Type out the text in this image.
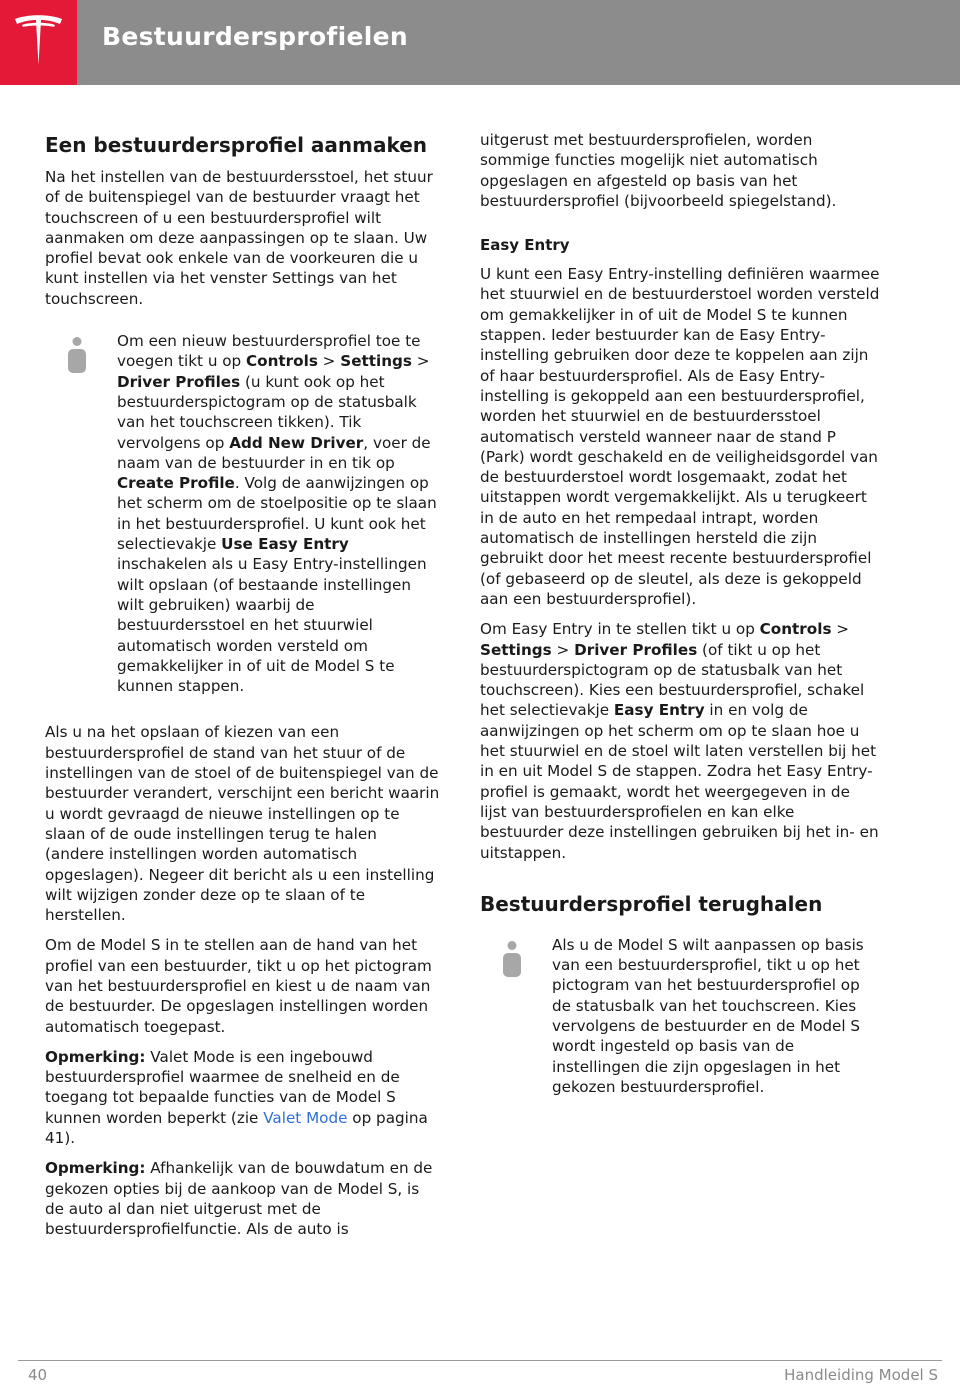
Bestuurdersprofielen
Een bestuurdersprofiel aanmaken

Na het instellen van de bestuurdersstoel, het stuur of de buitenspiegel van de bestuurder vraagt het touchscreen of u een bestuurdersprofiel wilt aanmaken om deze aanpassingen op te slaan. Uw profiel bevat ook enkele van de voorkeuren die u kunt instellen via het venster Settings van het touchscreen.

Om een nieuw bestuurdersprofiel toe te voegen tikt u op Controls > Settings > Driver Profiles (u kunt ook op het bestuurderspictogram op de statusbalk van het touchscreen tikken). Tik vervolgens op Add New Driver, voer de naam van de bestuurder in en tik op Create Profile. Volg de aanwijzingen op het scherm om de stoelpositie op te slaan in het bestuurdersprofiel. U kunt ook het selectievakje Use Easy Entry inschakelen als u Easy Entry-instellingen wilt opslaan (of bestaande instellingen wilt gebruiken) waarbij de bestuurdersstoel en het stuurwiel automatisch worden versteld om gemakkelijker in of uit de Model S te kunnen stappen.

Als u na het opslaan of kiezen van een bestuurdersprofiel de stand van het stuur of de instellingen van de stoel of de buitenspiegel van de bestuurder verandert, verschijnt een bericht waarin u wordt gevraagd de nieuwe instellingen op te slaan of de oude instellingen terug te halen (andere instellingen worden automatisch opgeslagen). Negeer dit bericht als u een instelling wilt wijzigen zonder deze op te slaan of te herstellen.

Om de Model S in te stellen aan de hand van het profiel van een bestuurder, tikt u op het pictogram van het bestuurdersprofiel en kiest u de naam van de bestuurder. De opgeslagen instellingen worden automatisch toegepast.

Opmerking: Valet Mode is een ingebouwd bestuurdersprofiel waarmee de snelheid en de toegang tot bepaalde functies van de Model S kunnen worden beperkt (zie Valet Mode op pagina 41).

Opmerking: Afhankelijk van de bouwdatum en de gekozen opties bij de aankoop van de Model S, is de auto al dan niet uitgerust met de bestuurdersprofielfunctie. Als de auto is

uitgerust met bestuurdersprofielen, worden sommige functies mogelijk niet automatisch opgeslagen en afgesteld op basis van het bestuurdersprofiel (bijvoorbeeld spiegelstand).

Easy Entry

U kunt een Easy Entry-instelling definiëren waarmee het stuurwiel en de bestuurderstoel worden versteld om gemakkelijker in of uit de Model S te kunnen stappen. Ieder bestuurder kan de Easy Entry-instelling gebruiken door deze te koppelen aan zijn of haar bestuurdersprofiel. Als de Easy Entry-instelling is gekoppeld aan een bestuurdersprofiel, worden het stuurwiel en de bestuurdersstoel automatisch versteld wanneer naar de stand P (Park) wordt geschakeld en de veiligheidsgordel van de bestuurderstoel wordt losgemaakt, zodat het uitstappen wordt vergemakkelijkt. Als u terugkeert in de auto en het rempedaal intrapt, worden automatisch de instellingen hersteld die zijn gebruikt door het meest recente bestuurdersprofiel (of gebaseerd op de sleutel, als deze is gekoppeld aan een bestuurdersprofiel).

Om Easy Entry in te stellen tikt u op Controls > Settings > Driver Profiles (of tikt u op het bestuurderspictogram op de statusbalk van het touchscreen). Kies een bestuurdersprofiel, schakel het selectievakje Easy Entry in en volg de aanwijzingen op het scherm om op te slaan hoe u het stuurwiel en de stoel wilt laten verstellen bij het in en uit Model S de stappen. Zodra het Easy Entry-profiel is gemaakt, wordt het weergegeven in de lijst van bestuurdersprofielen en kan elke bestuurder deze instellingen gebruiken bij het in- en uitstappen.

Bestuurdersprofiel terughalen
Als u de Model S wilt aanpassen op basis van een bestuurdersprofiel, tikt u op het pictogram van het bestuurdersprofiel op de statusbalk van het touchscreen. Kies vervolgens de bestuurder en de Model S wordt ingesteld op basis van de instellingen die zijn opgeslagen in het gekozen bestuurdersprofiel.
40	Handleiding Model S
